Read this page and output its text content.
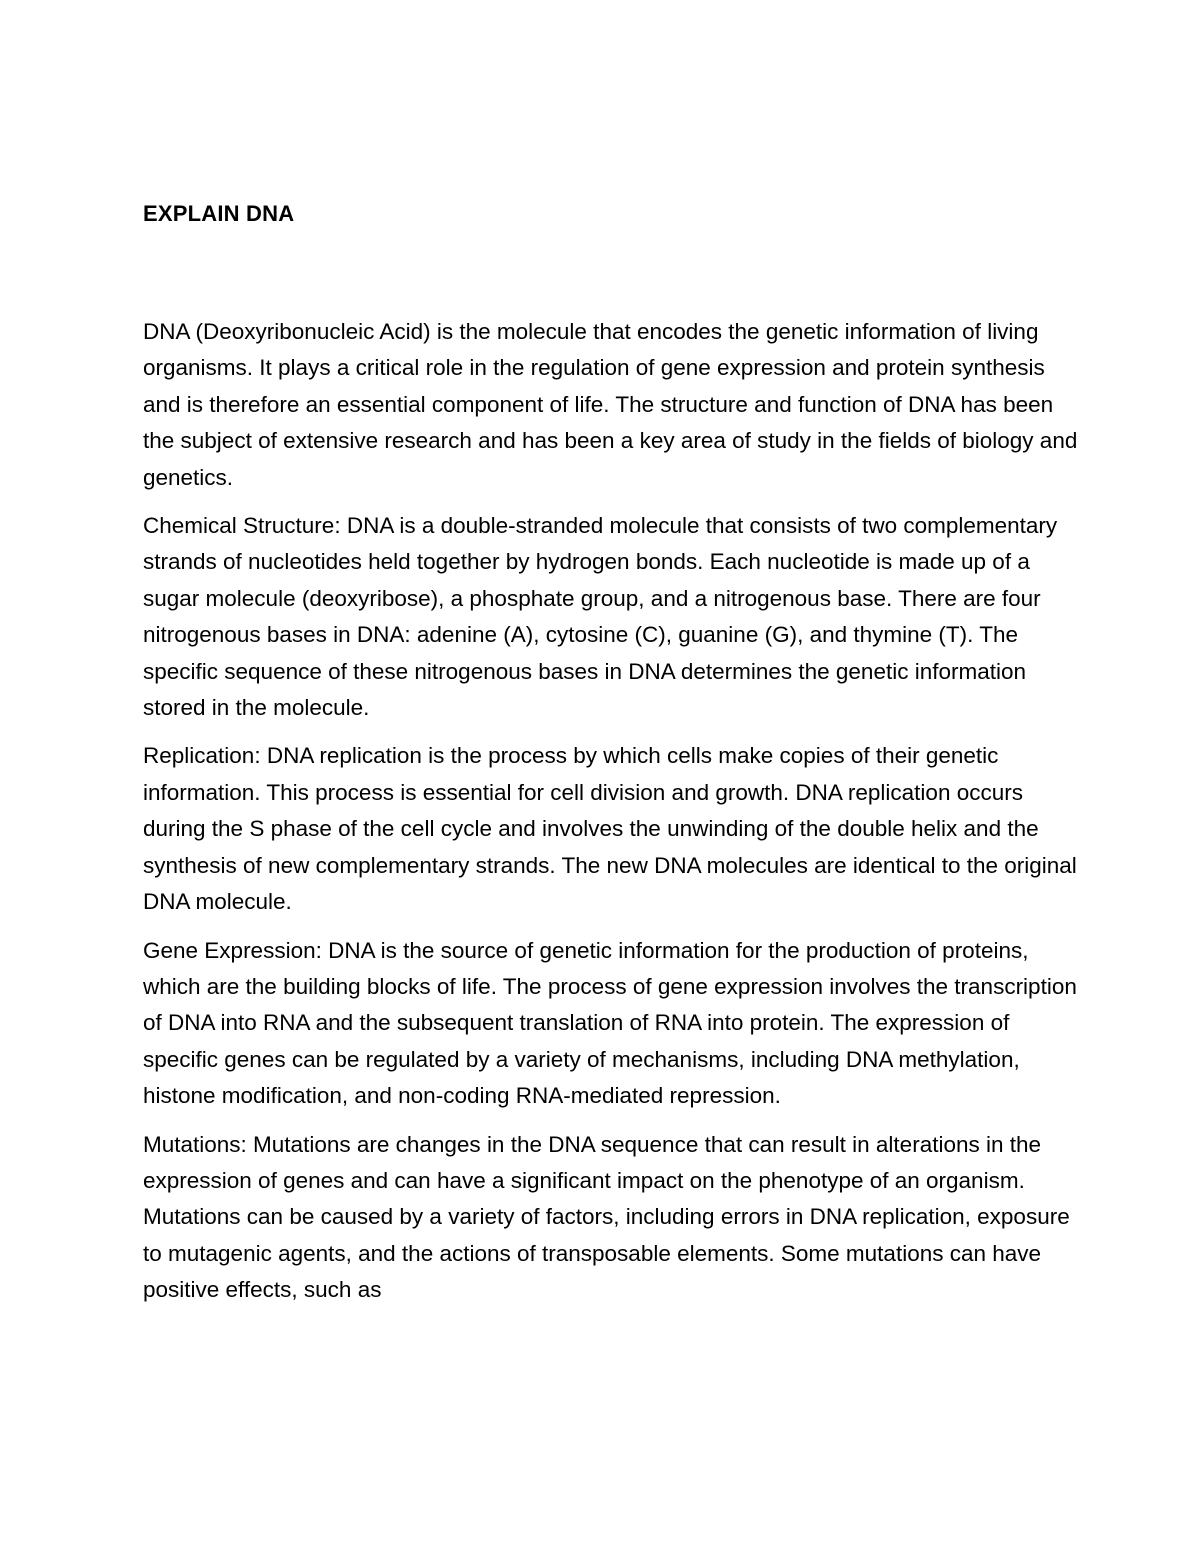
EXPLAIN DNA

DNA (Deoxyribonucleic Acid) is the molecule that encodes the genetic information of living organisms. It plays a critical role in the regulation of gene expression and protein synthesis and is therefore an essential component of life. The structure and function of DNA has been the subject of extensive research and has been a key area of study in the fields of biology and genetics.

Chemical Structure: DNA is a double-stranded molecule that consists of two complementary strands of nucleotides held together by hydrogen bonds. Each nucleotide is made up of a sugar molecule (deoxyribose), a phosphate group, and a nitrogenous base. There are four nitrogenous bases in DNA: adenine (A), cytosine (C), guanine (G), and thymine (T). The specific sequence of these nitrogenous bases in DNA determines the genetic information stored in the molecule.

Replication: DNA replication is the process by which cells make copies of their genetic information. This process is essential for cell division and growth. DNA replication occurs during the S phase of the cell cycle and involves the unwinding of the double helix and the synthesis of new complementary strands. The new DNA molecules are identical to the original DNA molecule.

Gene Expression: DNA is the source of genetic information for the production of proteins, which are the building blocks of life. The process of gene expression involves the transcription of DNA into RNA and the subsequent translation of RNA into protein. The expression of specific genes can be regulated by a variety of mechanisms, including DNA methylation, histone modification, and non-coding RNA-mediated repression.

Mutations: Mutations are changes in the DNA sequence that can result in alterations in the expression of genes and can have a significant impact on the phenotype of an organism. Mutations can be caused by a variety of factors, including errors in DNA replication, exposure to mutagenic agents, and the actions of transposable elements. Some mutations can have positive effects, such as
